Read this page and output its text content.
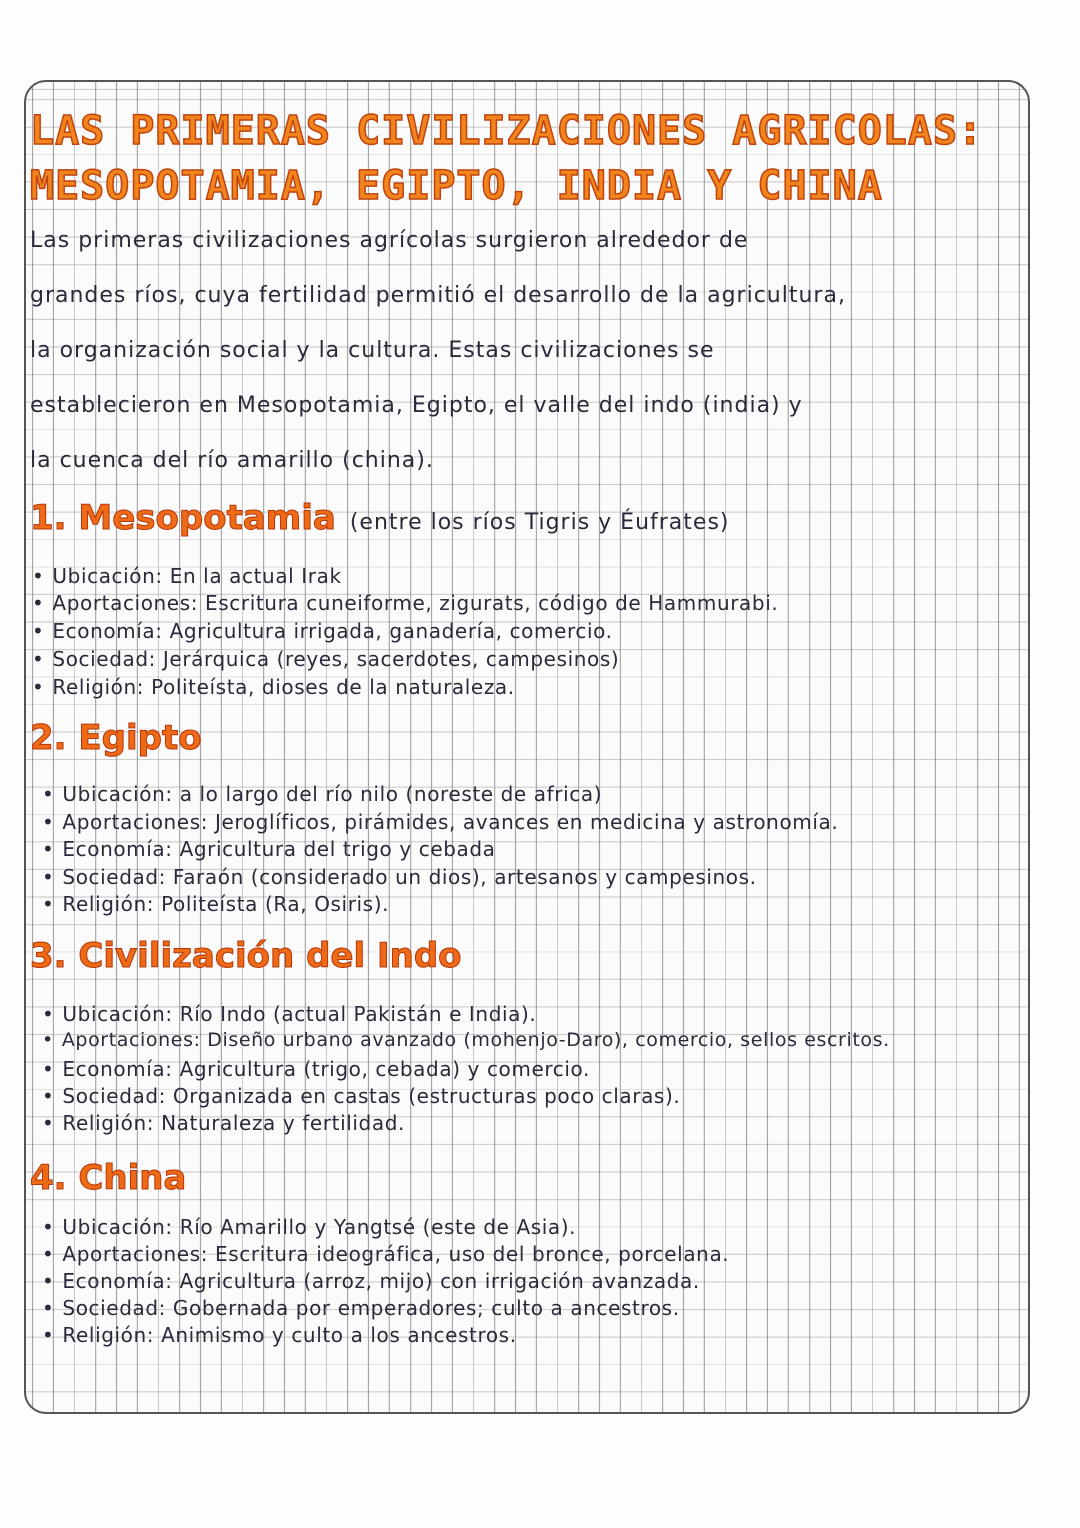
LAS PRIMERAS CIVILIZACIONES AGRICOLAS:
MESOPOTAMIA, EGIPTO, INDIA Y CHINA
Las primeras civilizaciones agrícolas surgieron alrededor de
grandes ríos, cuya fertilidad permitió el desarrollo de la agricultura,
la organización social y la cultura. Estas civilizaciones se
establecieron en Mesopotamia, Egipto, el valle del indo (india) y
la cuenca del río amarillo (china).
1. Mesopotamia (entre los ríos Tigris y Éufrates)
• Ubicación: En la actual Irak
• Aportaciones: Escritura cuneiforme, zigurats, código de Hammurabi.
• Economía: Agricultura irrigada, ganadería, comercio.
• Sociedad: Jerárquica (reyes, sacerdotes, campesinos)
• Religión: Politeísta, dioses de la naturaleza.
2. Egipto
• Ubicación: a lo largo del río nilo (noreste de africa)
• Aportaciones: Jeroglíficos, pirámides, avances en medicina y astronomía.
• Economía: Agricultura del trigo y cebada
• Sociedad: Faraón (considerado un dios), artesanos y campesinos.
• Religión: Politeísta (Ra, Osiris).
3. Civilización del Indo
• Ubicación: Río Indo (actual Pakistán e India).
• Aportaciones: Diseño urbano avanzado (mohenjo-Daro), comercio, sellos escritos.
• Economía: Agricultura (trigo, cebada) y comercio.
• Sociedad: Organizada en castas (estructuras poco claras).
• Religión: Naturaleza y fertilidad.
4. China
• Ubicación: Río Amarillo y Yangtsé (este de Asia).
• Aportaciones: Escritura ideográfica, uso del bronce, porcelana.
• Economía: Agricultura (arroz, mijo) con irrigación avanzada.
• Sociedad: Gobernada por emperadores; culto a ancestros.
• Religión: Animismo y culto a los ancestros.
